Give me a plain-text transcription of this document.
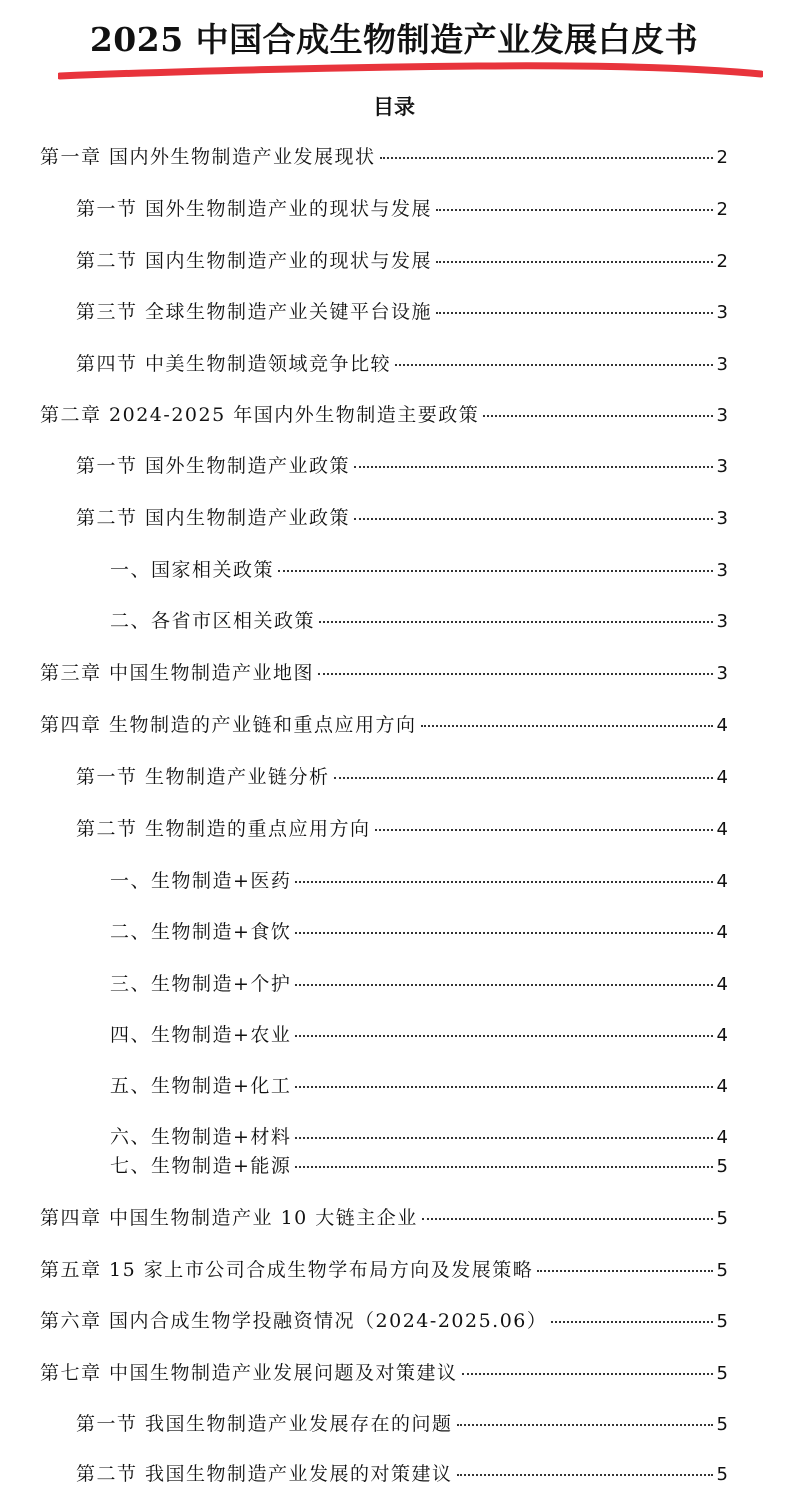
2025 中国合成生物制造产业发展白皮书
目录
第一章 国内外生物制造产业发展现状	2
第一节 国外生物制造产业的现状与发展	2
第二节 国内生物制造产业的现状与发展	2
第三节 全球生物制造产业关键平台设施	3
第四节 中美生物制造领域竞争比较	3
第二章 2024-2025 年国内外生物制造主要政策	3
第一节 国外生物制造产业政策	3
第二节 国内生物制造产业政策	3
一、国家相关政策	3
二、各省市区相关政策	3
第三章 中国生物制造产业地图	3
第四章 生物制造的产业链和重点应用方向	4
第一节 生物制造产业链分析	4
第二节 生物制造的重点应用方向	4
一、生物制造+医药	4
二、生物制造+食饮	4
三、生物制造+个护	4
四、生物制造+农业	4
五、生物制造+化工	4
六、生物制造+材料	4
七、生物制造+能源	5
第四章 中国生物制造产业 10 大链主企业	5
第五章 15 家上市公司合成生物学布局方向及发展策略	5
第六章 国内合成生物学投融资情况（2024-2025.06）	5
第七章 中国生物制造产业发展问题及对策建议	5
第一节 我国生物制造产业发展存在的问题	5
第二节 我国生物制造产业发展的对策建议	5
